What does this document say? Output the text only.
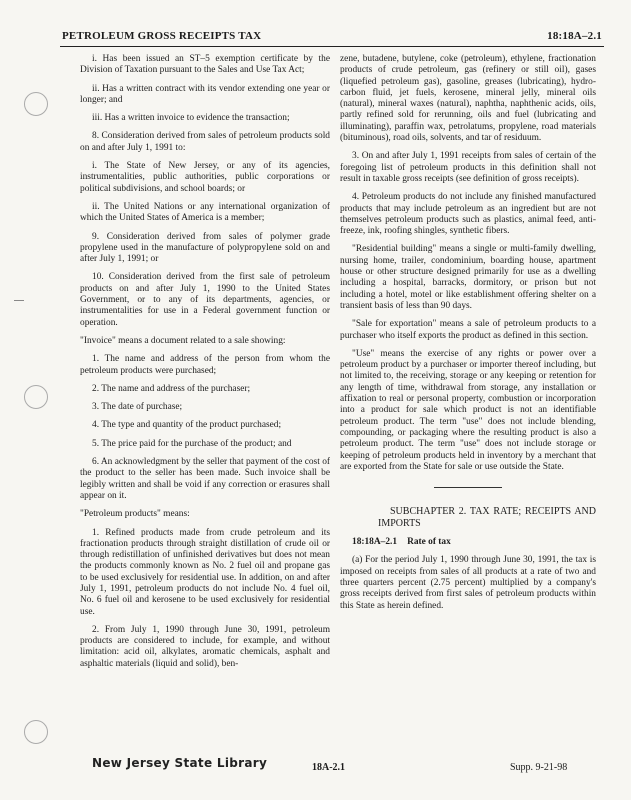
PETROLEUM GROSS RECEIPTS TAX	18:18A–2.1

i. Has been issued an ST–5 exemption certificate by the Division of Taxation pursuant to the Sales and Use Tax Act;

ii. Has a written contract with its vendor extending one year or longer; and

iii. Has a written invoice to evidence the transaction;

8. Consideration derived from sales of petroleum products sold on and after July 1, 1991 to:

i. The State of New Jersey, or any of its agencies, instrumentalities, public authorities, public corporations or political subdivisions, and school boards; or

ii. The United Nations or any international organization of which the United States of America is a member;

9. Consideration derived from sales of polymer grade propylene used in the manufacture of polypropylene sold on and after July 1, 1991; or

10. Consideration derived from the first sale of petroleum products on and after July 1, 1990 to the United States Government, or to any of its departments, agencies, or instrumentalities for use in a Federal government function or operation.

"Invoice" means a document related to a sale showing:

1. The name and address of the person from whom the petroleum products were purchased;

2. The name and address of the purchaser;

3. The date of purchase;

4. The type and quantity of the product purchased;

5. The price paid for the purchase of the product; and

6. An acknowledgment by the seller that payment of the cost of the product to the seller has been made. Such invoice shall be legibly written and shall be void if any correction or erasures shall appear on it.

"Petroleum products" means:

1. Refined products made from crude petroleum and its fractionation products through straight distillation of crude oil or through redistillation of unfinished derivatives but does not mean the products commonly known as No. 2 fuel oil and propane gas to be used exclusively for residential use. In addition, on and after July 1, 1991, petroleum products do not include No. 4 fuel oil, No. 6 fuel oil and kerosene to be used exclusively for residential use.

2. From July 1, 1990 through June 30, 1991, petroleum products are considered to include, for example, and without limitation: acid oil, alkylates, aromatic chemicals, asphalt and asphaltic materials (liquid and solid), ben-

zene, butadene, butylene, coke (petroleum), ethylene, fractionation products of crude petroleum, gas (refinery or still oil), gases (liquefied petroleum gas), gasoline, greases (lubricating), hydro-carbon fluid, jet fuels, kerosene, mineral jelly, mineral oils (natural), mineral waxes (natural), naphtha, naphthenic acids, oils, partly refined sold for rerunning, oils and fuel (lubricating and illuminating), paraffin wax, petrolatums, propylene, road materials (bituminous), road oils, solvents, and tar of residuum.

3. On and after July 1, 1991 receipts from sales of certain of the foregoing list of petroleum products in this definition shall not result in taxable gross receipts (see definition of gross receipts).

4. Petroleum products do not include any finished manufactured products that may include petroleum as an ingredient but are not themselves petroleum products such as plastics, animal feed, anti-freeze, ink, roofing shingles, synthetic fibers.

"Residential building" means a single or multi-family dwelling, nursing home, trailer, condominium, boarding house, apartment house or other structure designed primarily for use as a dwelling including a hospital, barracks, dormitory, or prison but not including a hotel, motel or like establishment offering shelter on a transient basis of less than 90 days.

"Sale for exportation" means a sale of petroleum products to a purchaser who itself exports the product as defined in this section.

"Use" means the exercise of any rights or power over a petroleum product by a purchaser or importer thereof including, but not limited to, the receiving, storage or any keeping or retention for any length of time, withdrawal from storage, any installation or affixation to real or personal property, combustion or incorporation into a product for sale which product is not an identifiable petroleum product. The term "use" does not include blending, compounding, or packaging where the resulting product is also a petroleum product. The term "use" does not include storage or keeping of petroleum products held in inventory by a merchant that are exported from the State for sale or use outside the State.

SUBCHAPTER 2. TAX RATE; RECEIPTS AND IMPORTS

18:18A–2.1 Rate of tax

(a) For the period July 1, 1990 through June 30, 1991, the tax is imposed on receipts from sales of all products at a rate of two and three quarters percent (2.75 percent) multiplied by a company's gross receipts derived from first sales of petroleum products within this State as herein defined.

New Jersey State Library	18A-2.1	Supp. 9-21-98
